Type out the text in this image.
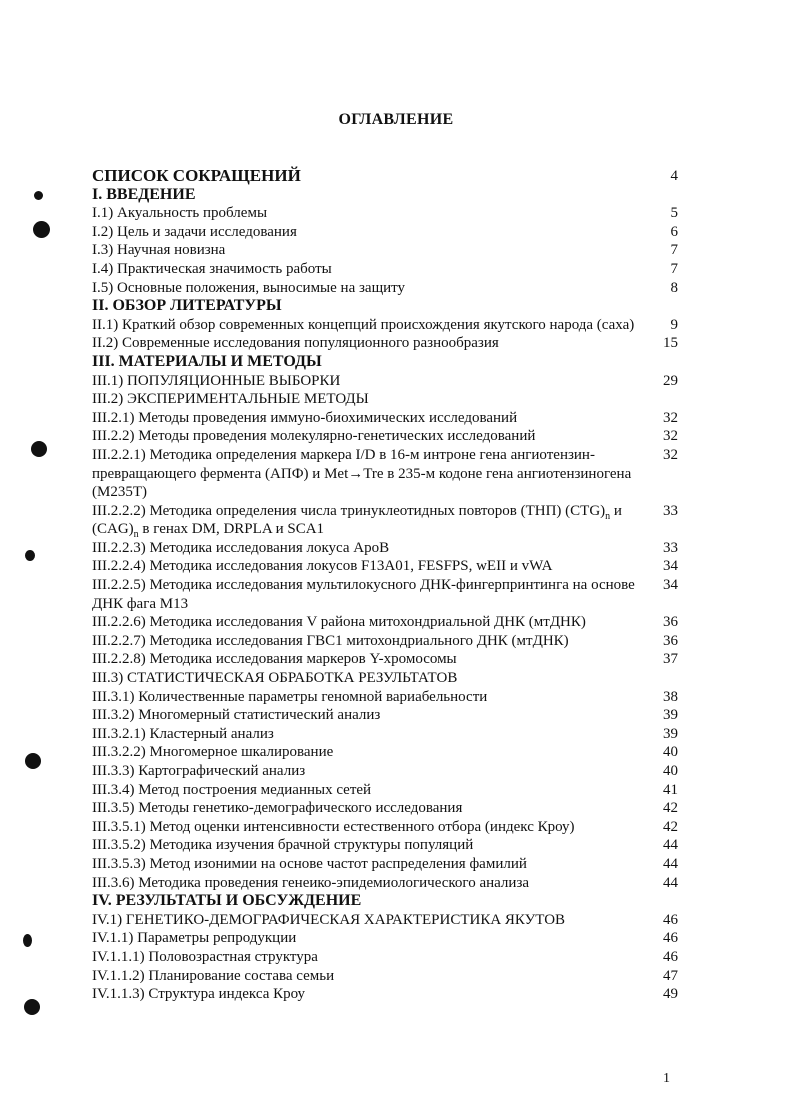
ОГЛАВЛЕНИЕ
СПИСОК СОКРАЩЕНИЙ	4
I. ВВЕДЕНИЕ
I.1) Акуальность проблемы	5
I.2) Цель и задачи исследования	6
I.3) Научная новизна	7
I.4) Практическая значимость работы	7
I.5) Основные положения, выносимые на защиту	8
II. ОБЗОР ЛИТЕРАТУРЫ
II.1) Краткий обзор современных концепций происхождения якутского народа (саха) 9
II.2) Современные исследования популяционного разнообразия	15
III. МАТЕРИАЛЫ И МЕТОДЫ
III.1) ПОПУЛЯЦИОННЫЕ ВЫБОРКИ	29
III.2) ЭКСПЕРИМЕНТАЛЬНЫЕ МЕТОДЫ
III.2.1) Методы проведения иммуно-биохимических исследований	32
III.2.2) Методы проведения молекулярно-генетических исследований	32
III.2.2.1) Методика определения маркера I/D в 16-м интроне гена ангиотензин-превращающего фермента (АПФ) и Met→Tre в 235-м кодоне гена ангиотензиногена (M235T)
32
III.2.2.2) Методика определения числа тринуклеотидных повторов (ТНП) $(CTG)_n$ и $(CAG)_n$ в генах DM, DRPLA и SCA1
33
III.2.2.3) Методика исследования локуса ApoB	33
III.2.2.4) Методика исследования локусов F13A01, FESFPS, wEII и vWA	34
III.2.2.5) Методика исследования мультилокусного ДНК-фингерпринтинга на основе ДНК фага M13
34
III.2.2.6) Методика исследования V района митохондриальной ДНК (мтДНК)	36
III.2.2.7) Методика исследования ГВС1 митохондриального ДНК (мтДНК)	36
III.2.2.8) Методика исследования маркеров Y-хромосомы	37
III.3) СТАТИСТИЧЕСКАЯ ОБРАБОТКА РЕЗУЛЬТАТОВ
III.3.1) Количественные параметры геномной вариабельности	38
III.3.2) Многомерный статистический анализ	39
III.3.2.1) Кластерный анализ	39
III.3.2.2) Многомерное шкалирование	40
III.3.3) Картографический анализ	40
III.3.4) Метод построения медианных сетей	41
III.3.5) Методы генетико-демографического исследования	42
III.3.5.1) Метод оценки интенсивности естественного отбора (индекс Кроу)	42
III.3.5.2) Методика изучения брачной структуры популяций	44
III.3.5.3) Метод изонимии на основе частот распределения фамилий	44
III.3.6) Методика проведения генеико-эпидемиологического анализа	44
IV. РЕЗУЛЬТАТЫ И ОБСУЖДЕНИЕ
IV.1) ГЕНЕТИКО-ДЕМОГРАФИЧЕСКАЯ ХАРАКТЕРИСТИКА ЯКУТОВ	46
IV.1.1) Параметры репродукции	46
IV.1.1.1) Половозрастная структура	46
IV.1.1.2) Планирование состава семьи	47
IV.1.1.3) Структура индекса Кроу	49
1
